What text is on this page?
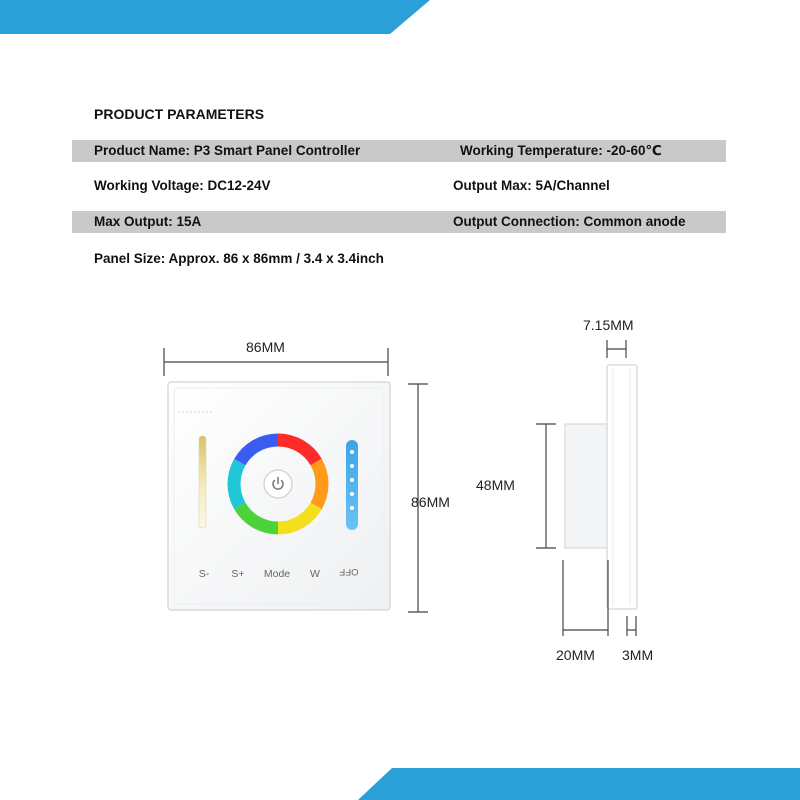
PRODUCT PARAMETERS
Product Name: P3 Smart Panel Controller	Working Temperature: -20-60℃
Working Voltage: DC12-24V	Output Max: 5A/Channel
Max Output: 15A	Output Connection: Common anode
Panel Size: Approx. 86 x 86mm / 3.4 x 3.4inch
S- S+ Mode W OFF
86MM
86MM
7.15MM
48MM
20MM 3MM
